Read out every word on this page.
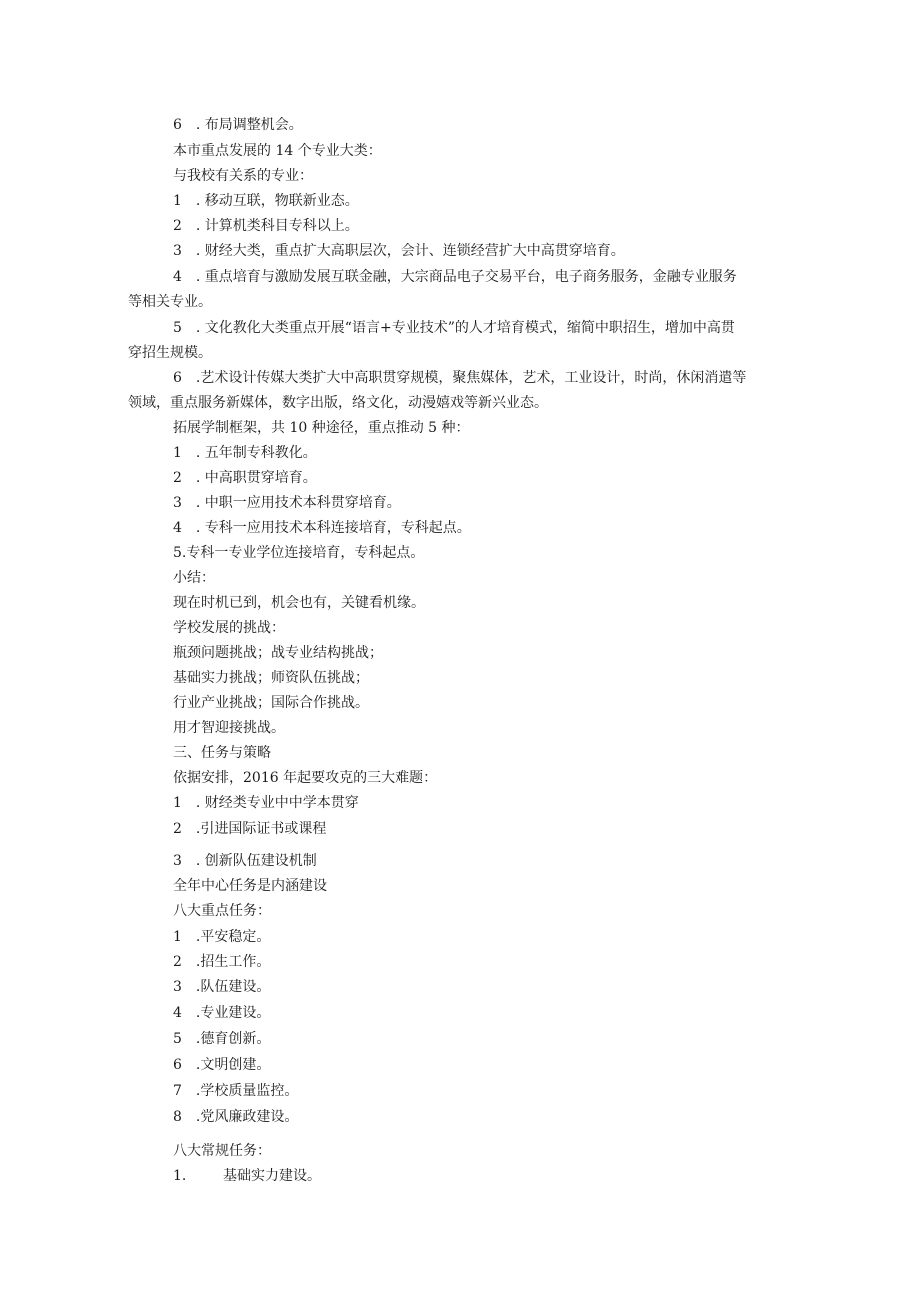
6　. 布局调整机会。

本市重点发展的 14 个专业大类：

与我校有关系的专业：

1　. 移动互联，物联新业态。

2　. 计算机类科目专科以上。

3　. 财经大类，重点扩大高职层次，会计、连锁经营扩大中高贯穿培育。

4　. 重点培育与激励发展互联金融，大宗商品电子交易平台，电子商务服务，金融专业服务

等相关专业。

5　. 文化教化大类重点开展“语言+专业技术”的人才培育模式，缩简中职招生，增加中高贯

穿招生规模。

6　.艺术设计传媒大类扩大中高职贯穿规模，聚焦媒体，艺术，工业设计，时尚，休闲消遣等

领域，重点服务新媒体，数字出版，络文化，动漫嬉戏等新兴业态。

拓展学制框架，共 10 种途径，重点推动 5 种：

1　. 五年制专科教化。

2　. 中高职贯穿培育。

3　. 中职一应用技术本科贯穿培育。

4　. 专科一应用技术本科连接培育，专科起点。

5.专科一专业学位连接培育，专科起点。

小结：

现在时机已到，机会也有，关键看机缘。

学校发展的挑战：

瓶颈问题挑战；战专业结构挑战；

基础实力挑战；师资队伍挑战；

行业产业挑战；国际合作挑战。

用才智迎接挑战。

三、任务与策略

依据安排，2016 年起要攻克的三大难题：

1　. 财经类专业中中学本贯穿

2　.引进国际证书或课程

3　. 创新队伍建设机制

全年中心任务是内涵建设

八大重点任务：

1　.平安稳定。

2　.招生工作。

3　.队伍建设。

4　.专业建设。

5　.德育创新。

6　.文明创建。

7　.学校质量监控。

8　.党风廉政建设。

八大常规任务：

1.	基础实力建设。
